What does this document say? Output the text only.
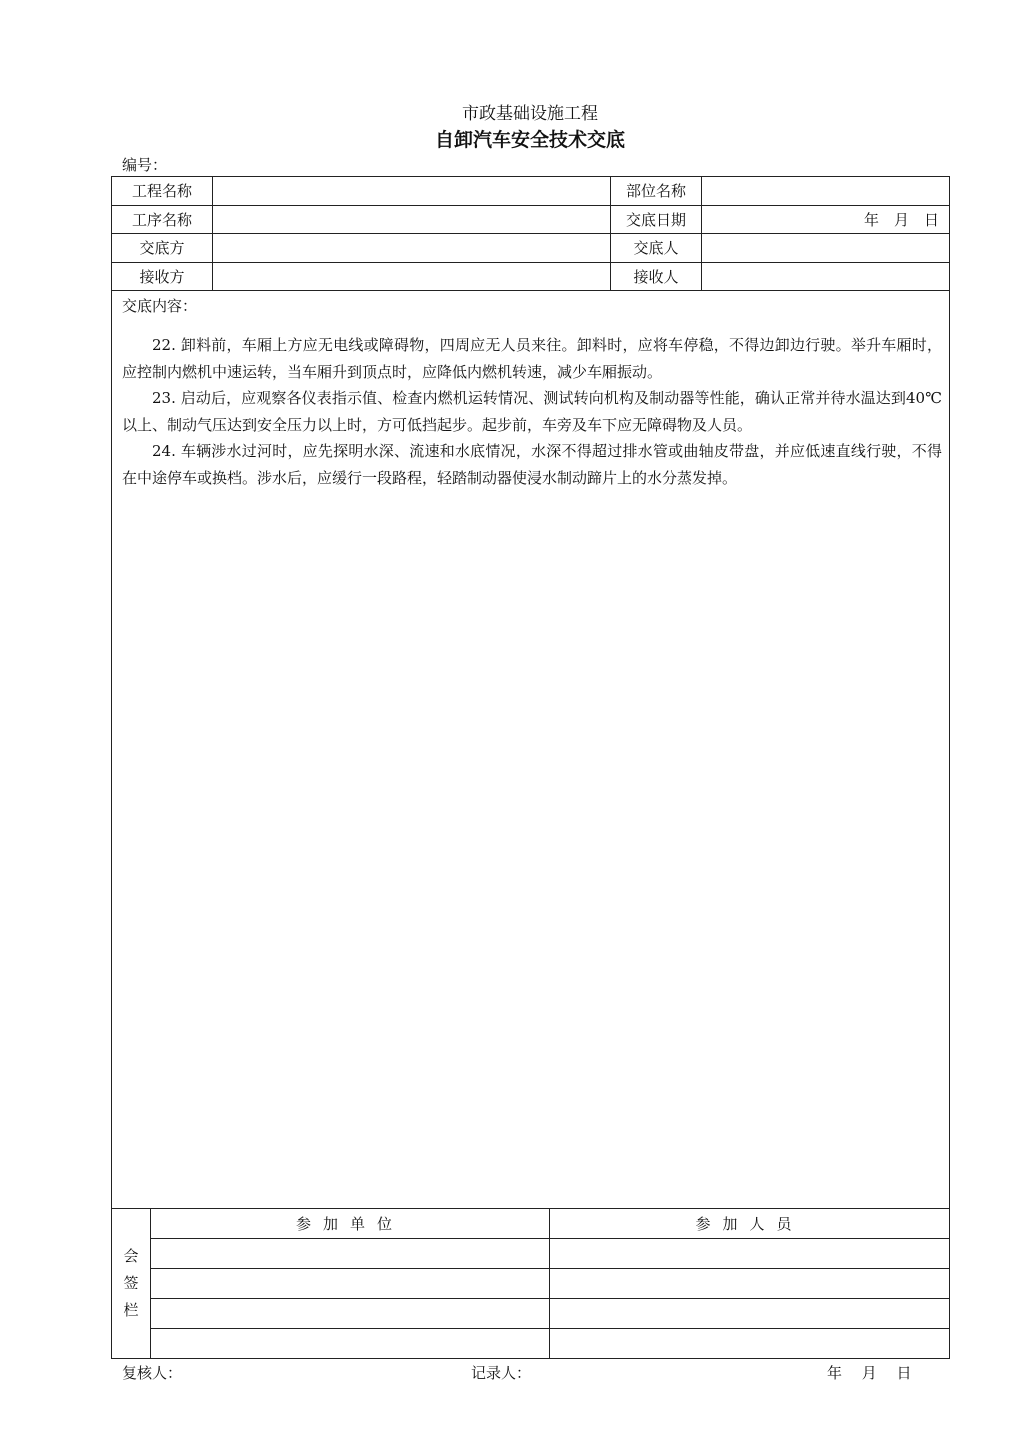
市政基础设施工程
自卸汽车安全技术交底
编号：
工程名称		部位名称	
工序名称		交底日期	年　月　日
交底方		交底人	
接收方		接收人	
交底内容：

22. 卸料前，车厢上方应无电线或障碍物，四周应无人员来往。卸料时，应将车停稳，不得边卸边行驶。举升车厢时，应控制内燃机中速运转，当车厢升到顶点时，应降低内燃机转速，减少车厢振动。

23. 启动后，应观察各仪表指示值、检查内燃机运转情况、测试转向机构及制动器等性能，确认正常并待水温达到40℃以上、制动气压达到安全压力以上时，方可低挡起步。起步前，车旁及车下应无障碍物及人员。

24. 车辆涉水过河时，应先探明水深、流速和水底情况，水深不得超过排水管或曲轴皮带盘，并应低速直线行驶，不得在中途停车或换档。涉水后，应缓行一段路程，轻踏制动器使浸水制动蹄片上的水分蒸发掉。

会
签
栏	参加单位	参加人员

复核人：	记录人：	年　 月　 日
